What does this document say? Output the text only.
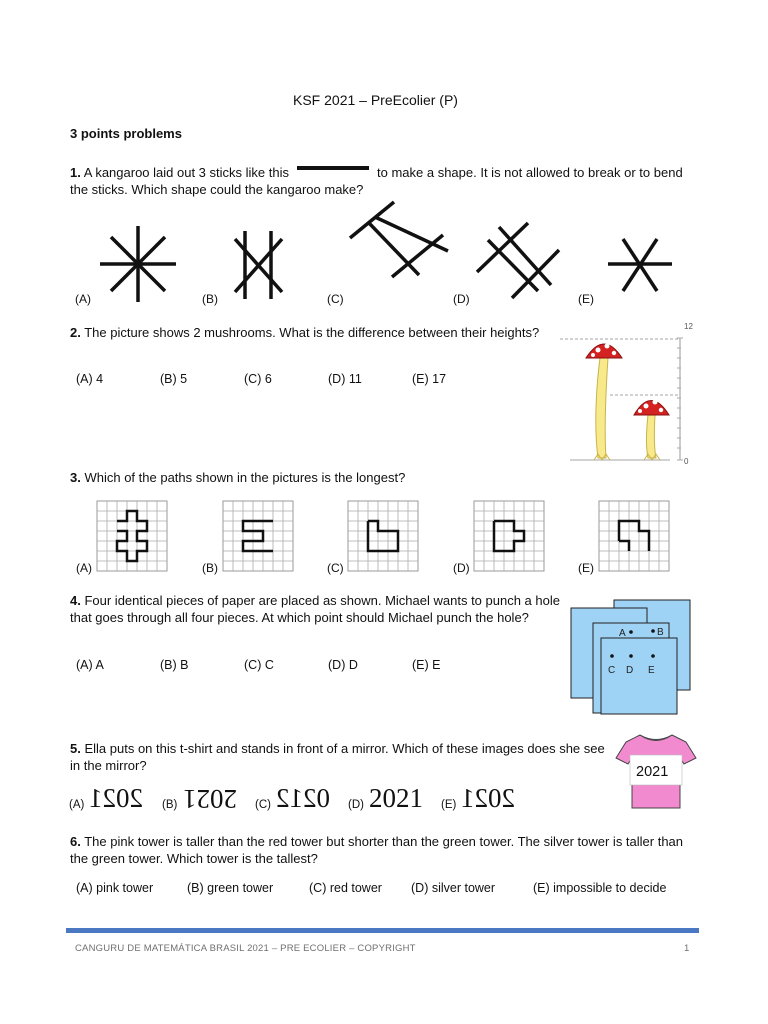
KSF 2021 – PreEcolier (P)
3 points problems
1. A kangaroo laid out 3 sticks like this	to make a shape. It is not allowed to break or to bend
the sticks. Which shape could the kangaroo make?
(A)	(B)	(C)	(D)	(E)
2. The picture shows 2 mushrooms. What is the difference between their heights?
(A) 4	(B) 5	(C) 6	(D) 11	(E) 17
12
0
3. Which of the paths shown in the pictures is the longest?
(A)	(B)	(C)	(D)	(E)
4. Four identical pieces of paper are placed as shown. Michael wants to punch a hole
that goes through all four pieces. At which point should Michael punch the hole?
(A) A	(B) B	(C) C	(D) D	(E) E
A	B
C D E
5. Ella puts on this t-shirt and stands in front of a mirror. Which of these images does she see
in the mirror?	2021
(A) 2021 (B) 2021 (C) 0212 (D) 2021 (E) 2021
6. The pink tower is taller than the red tower but shorter than the green tower. The silver tower is taller than
the green tower. Which tower is the tallest?
(A) pink tower	(B) green tower	(C) red tower (D) silver tower	(E) impossible to decide
CANGURU DE MATEMÁTICA BRASIL 2021 – PRE ECOLIER – COPYRIGHT	1
